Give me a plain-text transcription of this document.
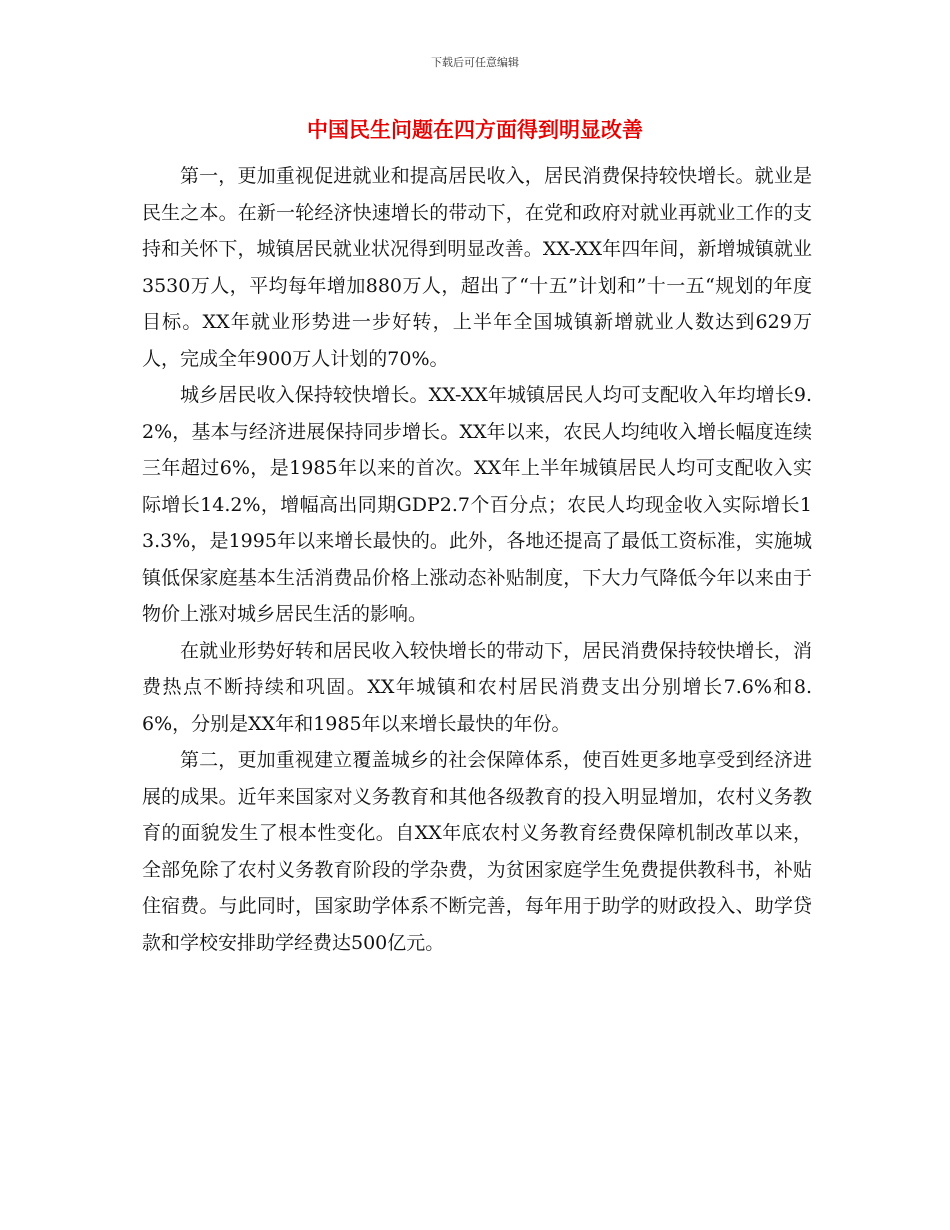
下载后可任意编辑
中国民生问题在四方面得到明显改善

第一，更加重视促进就业和提高居民收入，居民消费保持较快增长。就业是民生之本。在新一轮经济快速增长的带动下，在党和政府对就业再就业工作的支持和关怀下，城镇居民就业状况得到明显改善。XX-XX年四年间，新增城镇就业3530万人，平均每年增加880万人，超出了“十五”计划和”十一五“规划的年度目标。XX年就业形势进一步好转，上半年全国城镇新增就业人数达到629万人，完成全年900万人计划的70%。

城乡居民收入保持较快增长。XX-XX年城镇居民人均可支配收入年均增长9.2%，基本与经济进展保持同步增长。XX年以来，农民人均纯收入增长幅度连续三年超过6%，是1985年以来的首次。XX年上半年城镇居民人均可支配收入实际增长14.2%，增幅高出同期GDP2.7个百分点；农民人均现金收入实际增长13.3%，是1995年以来增长最快的。此外，各地还提高了最低工资标准，实施城镇低保家庭基本生活消费品价格上涨动态补贴制度，下大力气降低今年以来由于物价上涨对城乡居民生活的影响。

在就业形势好转和居民收入较快增长的带动下，居民消费保持较快增长，消费热点不断持续和巩固。XX年城镇和农村居民消费支出分别增长7.6%和8.6%，分别是XX年和1985年以来增长最快的年份。

第二，更加重视建立覆盖城乡的社会保障体系，使百姓更多地享受到经济进展的成果。近年来国家对义务教育和其他各级教育的投入明显增加，农村义务教育的面貌发生了根本性变化。自XX年底农村义务教育经费保障机制改革以来，全部免除了农村义务教育阶段的学杂费，为贫困家庭学生免费提供教科书，补贴住宿费。与此同时，国家助学体系不断完善，每年用于助学的财政投入、助学贷款和学校安排助学经费达500亿元。
